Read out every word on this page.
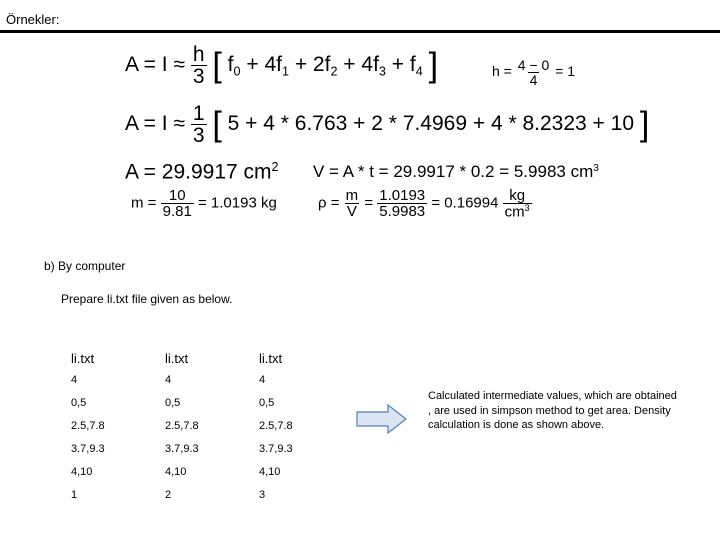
Örnekler:
$A = I \approx \frac{h}{3}$ [ $f_0 + 4f_1 + 2f_2 + 4f_3 + f_4$ ]	$h = \frac{4 - 0}{4} = 1$
$A = I \approx \frac{1}{3}$ [ 5 + 4 * 6.763 + 2 * 7.4969 + 4 * 8.2323 + 10 ]
A = 29.9917 $cm^2$ V = A * t = 29.9917 * 0.2 = 5.9983 $cm^3$
$m = \frac{10}{9.81} = 1.0193$ kg	$\rho = \frac{m}{V} = \frac{1.0193}{5.9983} = 0.16994 \frac{kg}{cm^3}$
b) By computer
Prepare li.txt file given as below.
li.txt	li.txt	li.txt
4	4	4
0,5	0,5	0,5
2.5,7.8	2.5,7.8	2.5,7.8
3.7,9.3	3.7,9.3	3.7,9.3
4,10	4,10	4,10
1	2	3
Calculated intermediate values, which are obtained , are used in simpson method to get area. Density calculation is done as shown above.
